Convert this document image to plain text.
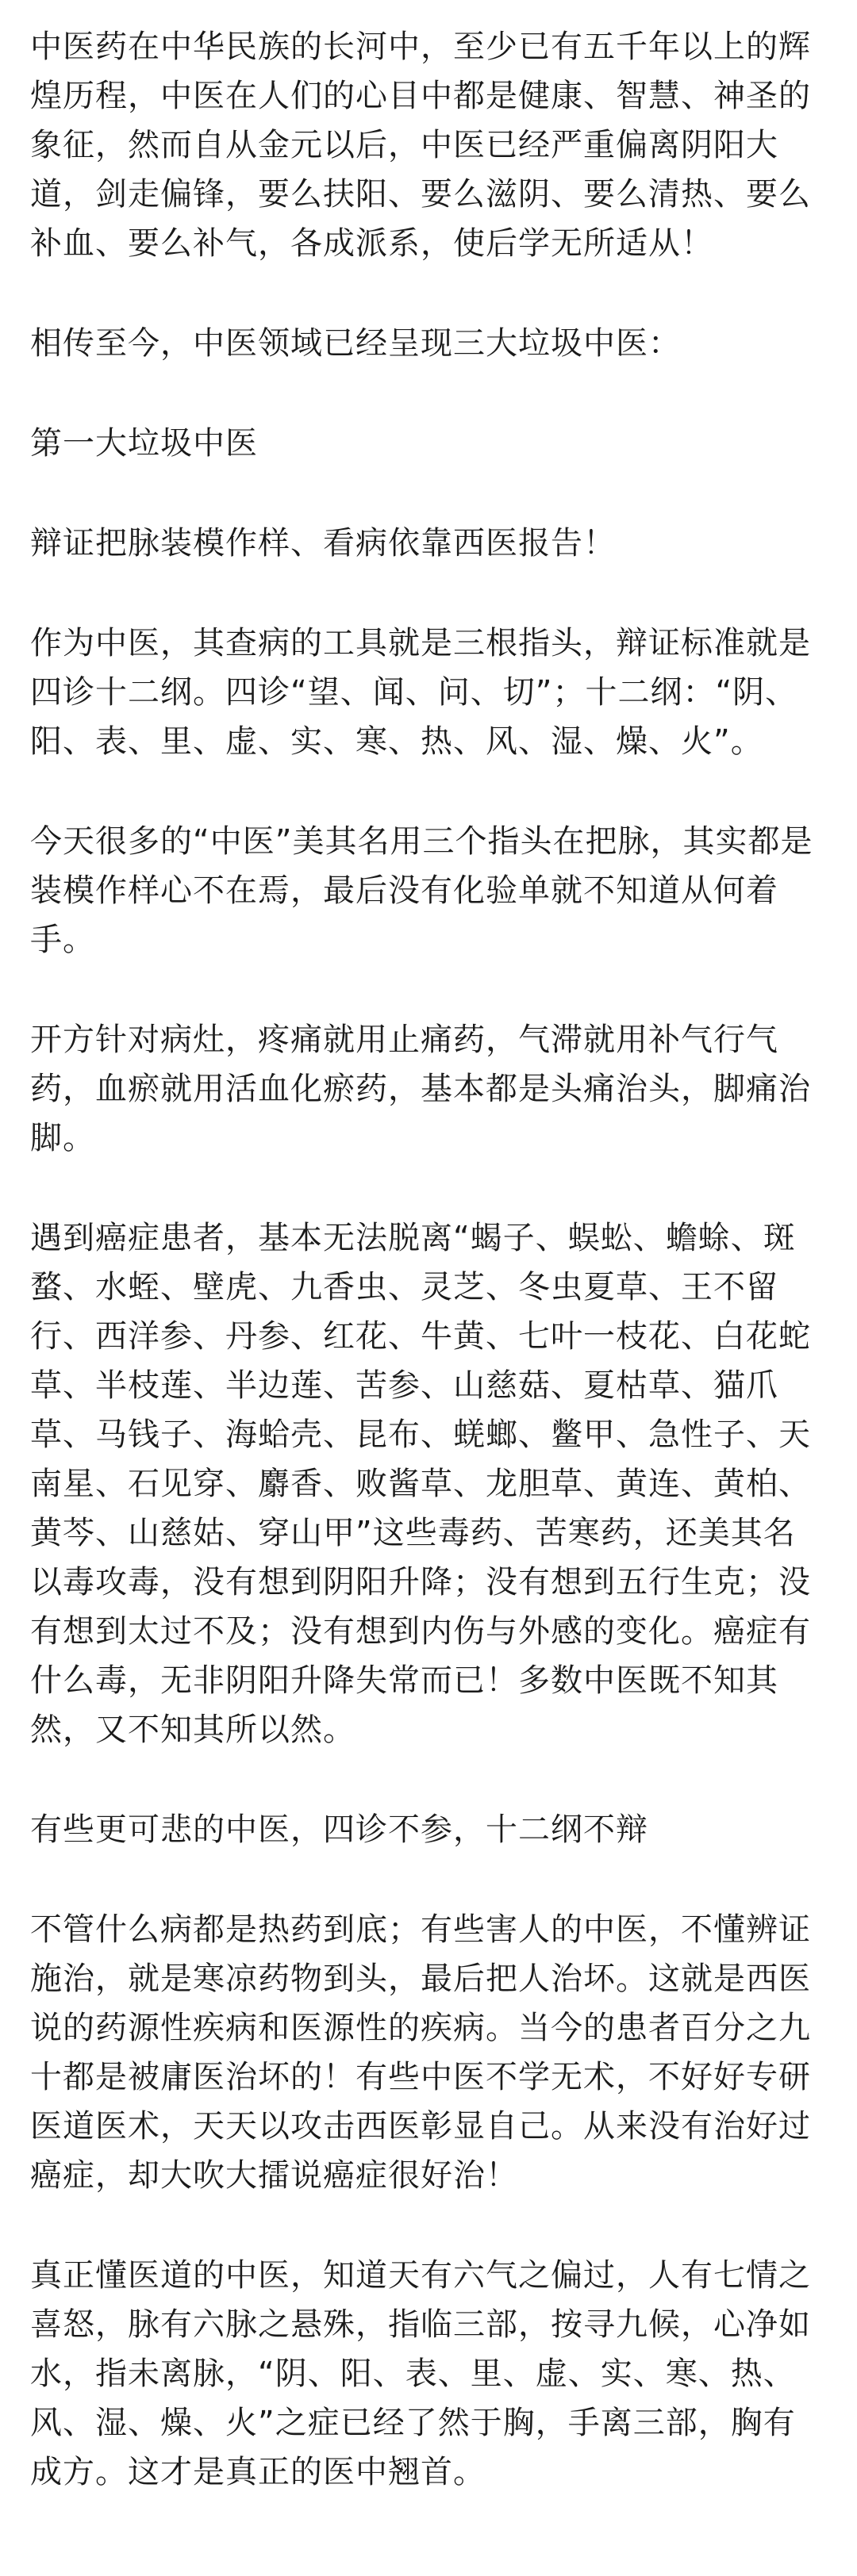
中医药在中华民族的长河中，至少已有五千年以上的辉煌历程，中医在人们的心目中都是健康、智慧、神圣的象征，然而自从金元以后，中医已经严重偏离阴阳大道，剑走偏锋，要么扶阳、要么滋阴、要么清热、要么补血、要么补气，各成派系，使后学无所适从！

相传至今，中医领域已经呈现三大垃圾中医：

第一大垃圾中医

辩证把脉装模作样、看病依靠西医报告！

作为中医，其查病的工具就是三根指头，辩证标准就是四诊十二纲。四诊“望、闻、问、切”；十二纲：“阴、阳、表、里、虚、实、寒、热、风、湿、燥、火”。

今天很多的“中医”美其名用三个指头在把脉，其实都是装模作样心不在焉，最后没有化验单就不知道从何着手。

开方针对病灶，疼痛就用止痛药，气滞就用补气行气药，血瘀就用活血化瘀药，基本都是头痛治头，脚痛治脚。

遇到癌症患者，基本无法脱离“蝎子、蜈蚣、蟾蜍、斑蝥、水蛭、壁虎、九香虫、灵芝、冬虫夏草、王不留行、西洋参、丹参、红花、牛黄、七叶一枝花、白花蛇草、半枝莲、半边莲、苦参、山慈菇、夏枯草、猫爪草、马钱子、海蛤壳、昆布、蜣螂、鳖甲、急性子、天南星、石见穿、麝香、败酱草、龙胆草、黄连、黄柏、黄芩、山慈姑、穿山甲”这些毒药、苦寒药，还美其名以毒攻毒，没有想到阴阳升降；没有想到五行生克；没有想到太过不及；没有想到内伤与外感的变化。癌症有什么毒，无非阴阳升降失常而已！多数中医既不知其然，又不知其所以然。

有些更可悲的中医，四诊不参，十二纲不辩

不管什么病都是热药到底；有些害人的中医，不懂辨证施治，就是寒凉药物到头，最后把人治坏。这就是西医说的药源性疾病和医源性的疾病。当今的患者百分之九十都是被庸医治坏的！有些中医不学无术，不好好专研医道医术，天天以攻击西医彰显自己。从来没有治好过癌症，却大吹大擂说癌症很好治！

真正懂医道的中医，知道天有六气之偏过，人有七情之喜怒，脉有六脉之悬殊，指临三部，按寻九候，心净如水，指未离脉，“阴、阳、表、里、虚、实、寒、热、风、湿、燥、火”之症已经了然于胸，手离三部，胸有成方。这才是真正的医中翘首。
